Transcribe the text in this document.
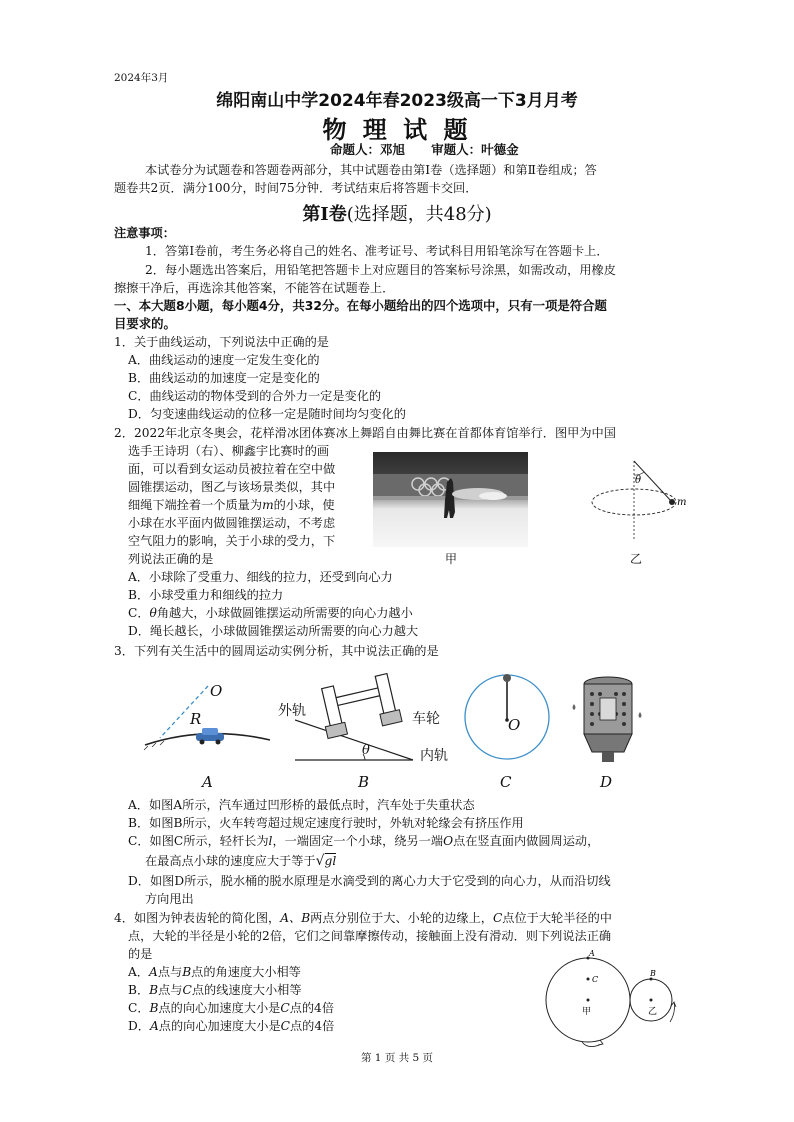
2024年3月
绵阳南山中学2024年春2023级高一下3月月考
物 理 试 题
命题人：邓旭      审题人：叶德金
本试卷分为试题卷和答题卷两部分，其中试题卷由第Ⅰ卷（选择题）和第Ⅱ卷组成；答
题卷共2页．满分100分，时间75分钟．考试结束后将答题卡交回．
第Ⅰ卷(选择题，共48分)
注意事项：
1．答第Ⅰ卷前，考生务必将自己的姓名、准考证号、考试科目用铅笔涂写在答题卡上．
2．每小题选出答案后，用铅笔把答题卡上对应题目的答案标号涂黑，如需改动，用橡皮
擦擦干净后，再选涂其他答案，不能答在试题卷上．
一、本大题8小题，每小题4分，共32分。在每小题给出的四个选项中，只有一项是符合题
目要求的。
1．关于曲线运动，下列说法中正确的是
A．曲线运动的速度一定发生变化的
B．曲线运动的加速度一定是变化的
C．曲线运动的物体受到的合外力一定是变化的
D．匀变速曲线运动的位移一定是随时间均匀变化的
2．2022年北京冬奥会，花样滑冰团体赛冰上舞蹈自由舞比赛在首都体育馆举行．图甲为中国
选手王诗玥（右）、柳鑫宇比赛时的画
面，可以看到女运动员被拉着在空中做
圆锥摆运动，图乙与该场景类似，其中
细绳下端拴着一个质量为m的小球，使
小球在水平面内做圆锥摆运动，不考虑
空气阻力的影响，关于小球的受力，下
列说法正确的是
A．小球除了受重力、细线的拉力，还受到向心力
B．小球受重力和细线的拉力
C．θ角越大，小球做圆锥摆运动所需要的向心力越小
D．绳长越长，小球做圆锥摆运动所需要的向心力越大
甲
θ
m
乙
3．下列有关生活中的圆周运动实例分析，其中说法正确的是
O
R
A
外轨	车轮
内轨
θ
B
O
C	D
A．如图A所示，汽车通过凹形桥的最低点时，汽车处于失重状态
B．如图B所示，火车转弯超过规定速度行驶时，外轨对轮缘会有挤压作用
C．如图C所示，轻杆长为l，一端固定一个小球，绕另一端O点在竖直面内做圆周运动，
在最高点小球的速度应大于等于√gl
D．如图D所示，脱水桶的脱水原理是水滴受到的离心力大于它受到的向心力，从而沿切线
方向甩出
4．如图为钟表齿轮的简化图，A、B两点分别位于大、小轮的边缘上，C点位于大轮半径的中
点，大轮的半径是小轮的2倍，它们之间靠摩擦传动，接触面上没有滑动．则下列说法正确
的是
A．A点与B点的角速度大小相等
B．B点与C点的线速度大小相等
C．B点的向心加速度大小是C点的4倍
D．A点的向心加速度大小是C点的4倍
A
C
B
甲	乙
第 1 页 共 5 页
